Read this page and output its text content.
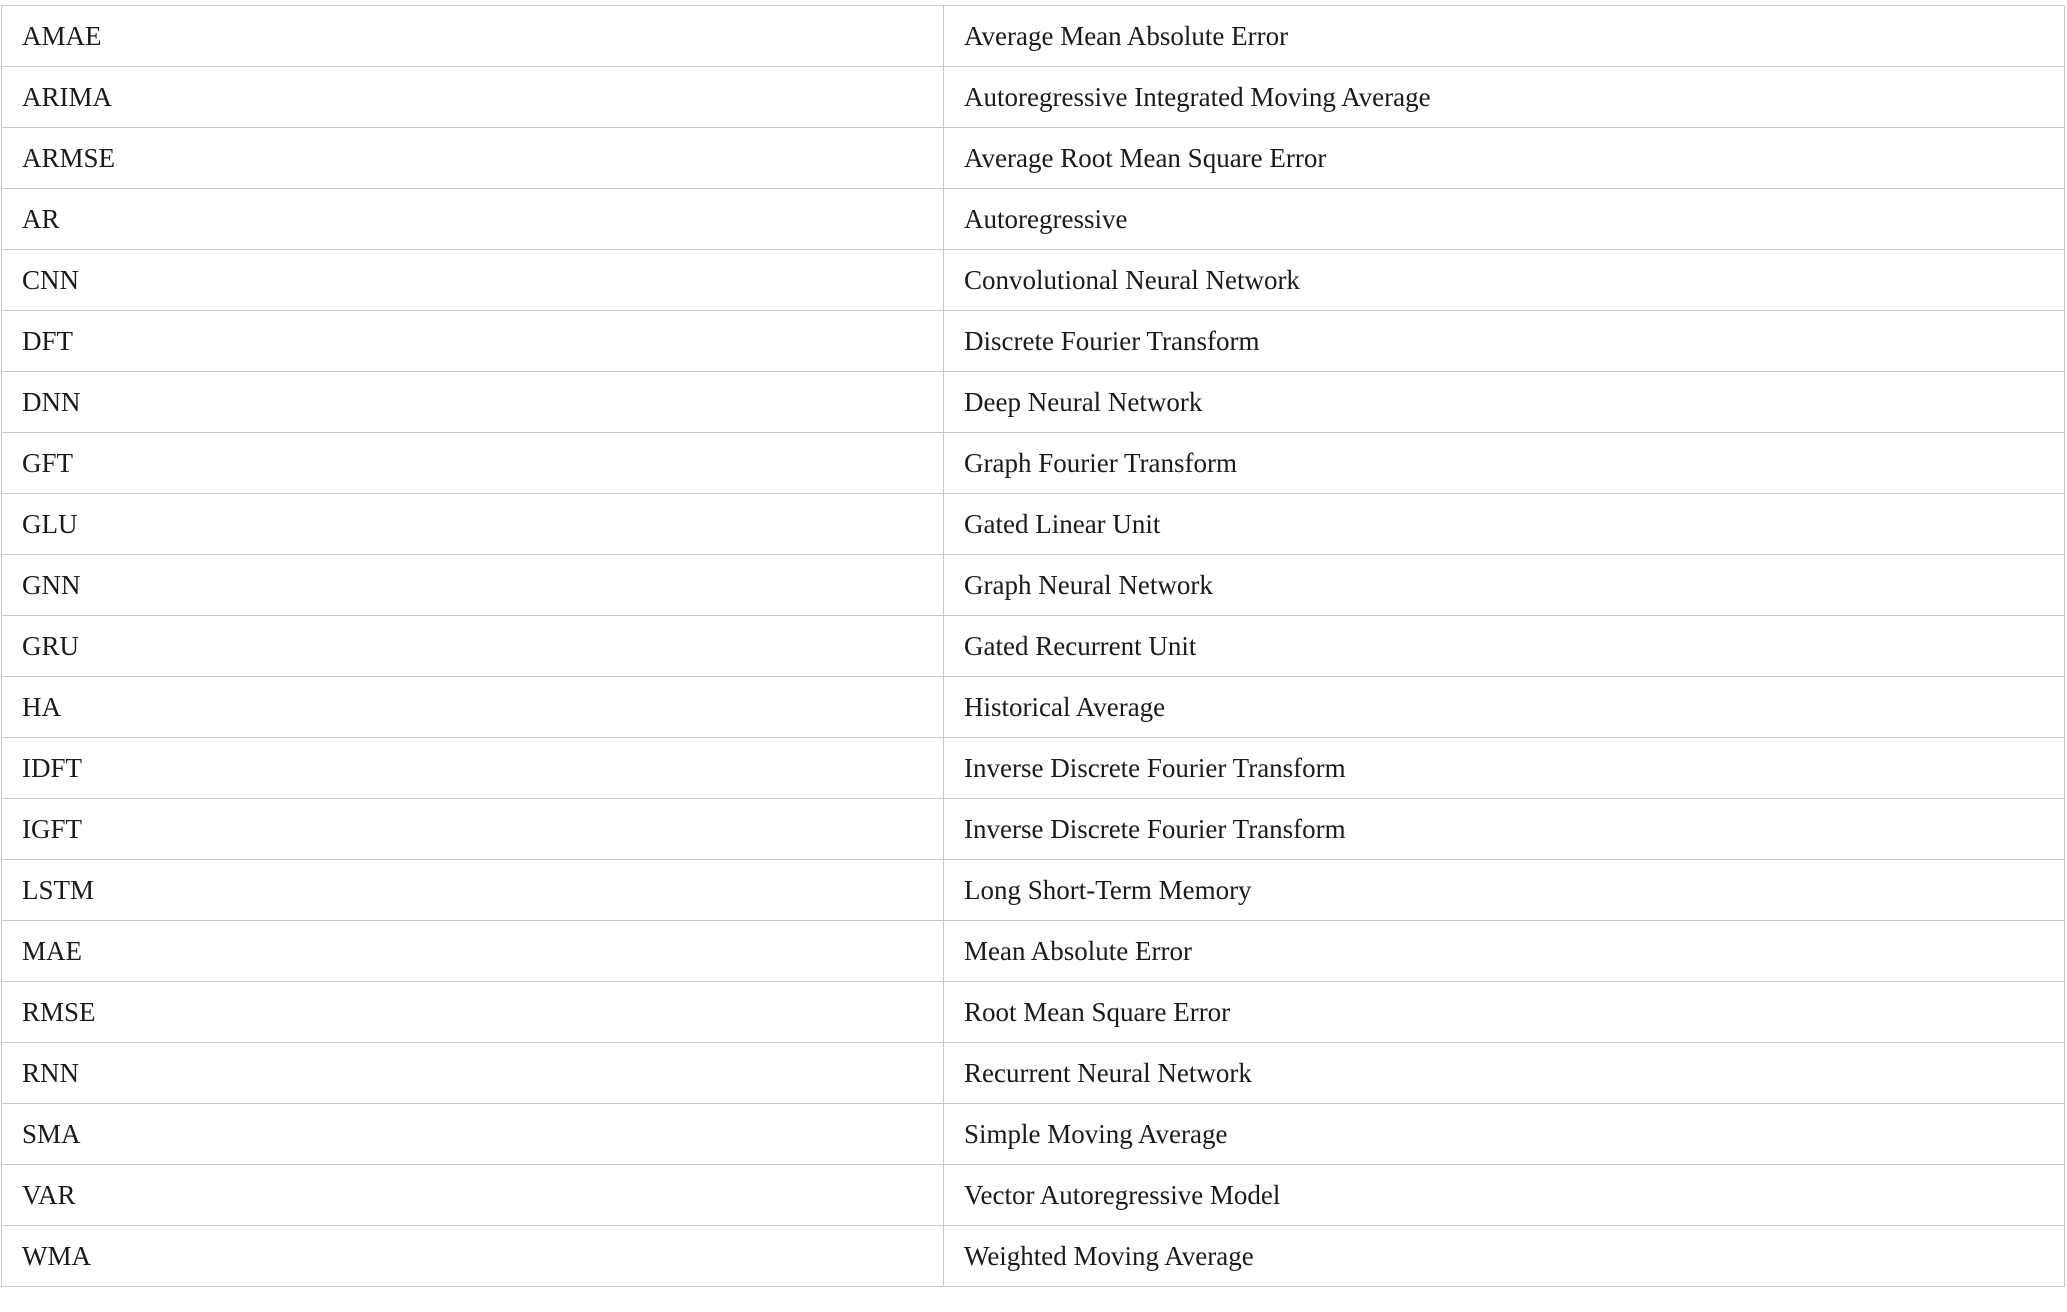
AMAE	Average Mean Absolute Error
ARIMA	Autoregressive Integrated Moving Average
ARMSE	Average Root Mean Square Error
AR	Autoregressive
CNN	Convolutional Neural Network
DFT	Discrete Fourier Transform
DNN	Deep Neural Network
GFT	Graph Fourier Transform
GLU	Gated Linear Unit
GNN	Graph Neural Network
GRU	Gated Recurrent Unit
HA	Historical Average
IDFT	Inverse Discrete Fourier Transform
IGFT	Inverse Discrete Fourier Transform
LSTM	Long Short-Term Memory
MAE	Mean Absolute Error
RMSE	Root Mean Square Error
RNN	Recurrent Neural Network
SMA	Simple Moving Average
VAR	Vector Autoregressive Model
WMA	Weighted Moving Average
